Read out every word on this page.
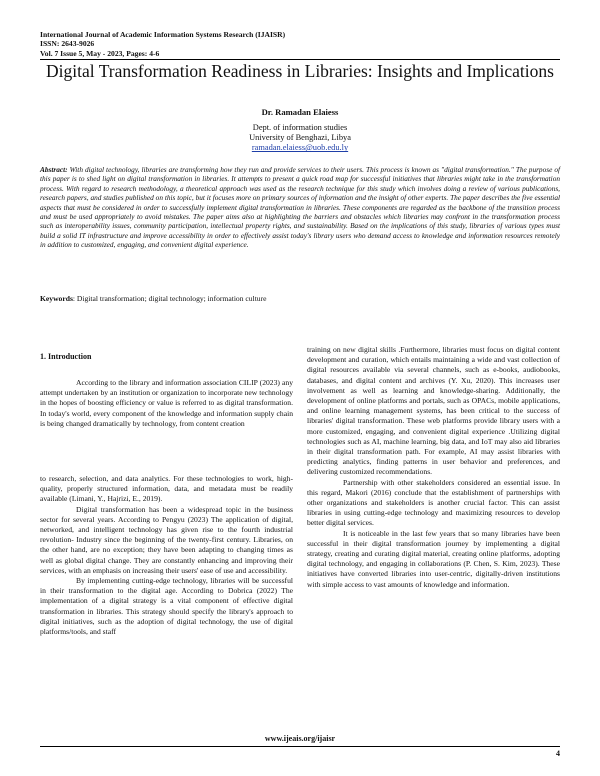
International Journal of Academic Information Systems Research (IJAISR)
ISSN: 2643-9026
Vol. 7 Issue 5, May - 2023, Pages: 4-6
Digital Transformation Readiness in Libraries: Insights and Implications
Dr. Ramadan Elaiess
Dept. of information studies
University of Benghazi, Libya
ramadan.elaiess@uob.edu.ly
Abstract: With digital technology, libraries are transforming how they run and provide services to their users. This process is known as "digital transformation." The purpose of this paper is to shed light on digital transformation in libraries. It attempts to present a quick road map for successful initiatives that libraries might take in the transformation process. With regard to research methodology, a theoretical approach was used as the research technique for this study which involves doing a review of various publications, research papers, and studies published on this topic, but it focuses more on primary sources of information and the insight of other experts. The paper describes the five essential aspects that must be considered in order to successfully implement digital transformation in libraries. These components are regarded as the backbone of the transition process and must be used appropriately to avoid mistakes. The paper aims also at highlighting the barriers and obstacles which libraries may confront in the transformation process such as interoperability issues, community participation, intellectual property rights, and sustainability. Based on the implications of this study, libraries of various types must build a solid IT infrastructure and improve accessibility in order to effectively assist today's library users who demand access to knowledge and information resources remotely in addition to customized, engaging, and convenient digital experience.
Keywords: Digital transformation; digital technology; information culture
1. Introduction

According to the library and information association CILIP (2023) any attempt undertaken by an institution or organization to incorporate new technology in the hopes of boosting efficiency or value is referred to as digital transformation. In today's world, every component of the knowledge and information supply chain is being changed dramatically by technology, from content creation

to research, selection, and data analytics. For these technologies to work, high-quality, properly structured information, data, and metadata must be readily available (Limani, Y., Hajrizi, E., 2019).

Digital transformation has been a widespread topic in the business sector for several years. According to Pengyu (2023) The application of digital, networked, and intelligent technology has given rise to the fourth industrial revolution- Industry since the beginning of the twenty-first century. Libraries, on the other hand, are no exception; they have been adapting to changing times as well as global digital change. They are constantly enhancing and improving their services, with an emphasis on increasing their users' ease of use and accessibility.

By implementing cutting-edge technology, libraries will be successful in their transformation to the digital age. According to Dobrica (2022) The implementation of a digital strategy is a vital component of effective digital transformation in libraries. This strategy should specify the library's approach to digital initiatives, such as the adoption of digital technology, the use of digital platforms/tools, and staff

training on new digital skills .Furthermore, libraries must focus on digital content development and curation, which entails maintaining a wide and vast collection of digital resources available via several channels, such as e-books, audiobooks, databases, and digital content and archives (Y. Xu, 2020). This increases user involvement as well as learning and knowledge-sharing. Additionally, the development of online platforms and portals, such as OPACs, mobile applications, and online learning management systems, has been critical to the success of libraries' digital transformation. These web platforms provide library users with a more customized, engaging, and convenient digital experience .Utilizing digital technologies such as AI, machine learning, big data, and IoT may also aid libraries in their digital transformation path. For example, AI may assist libraries with predicting analytics, finding patterns in user behavior and preferences, and delivering customized recommendations.

Partnership with other stakeholders considered an essential issue. In this regard, Makori (2016) conclude that the establishment of partnerships with other organizations and stakeholders is another crucial factor. This can assist libraries in using cutting-edge technology and maximizing resources to develop better digital services.

It is noticeable in the last few years that so many libraries have been successful in their digital transformation journey by implementing a digital strategy, creating and curating digital material, creating online platforms, adopting digital technology, and engaging in collaborations (P. Chen, S. Kim, 2023). These initiatives have converted libraries into user-centric, digitally-driven institutions with simple access to vast amounts of knowledge and information.

www.ijeais.org/ijaisr
4
